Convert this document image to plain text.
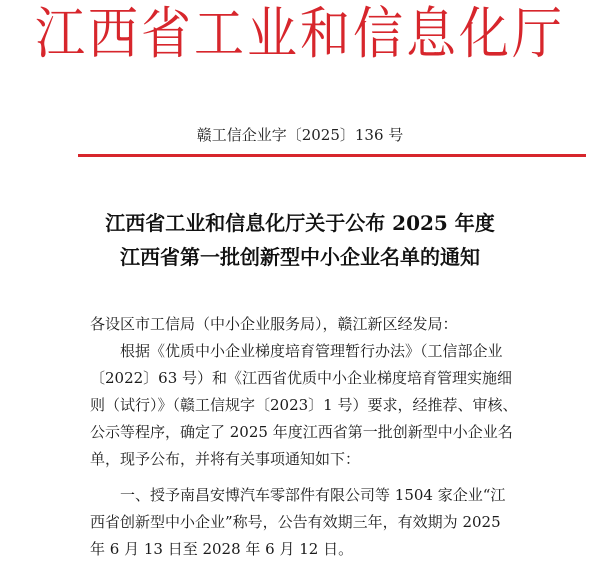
江西省工业和信息化厅
赣工信企业字〔2025〕136 号
江西省工业和信息化厅关于公布 2025 年度
江西省第一批创新型中小企业名单的通知
各设区市工信局（中小企业服务局），赣江新区经发局：
　　根据《优质中小企业梯度培育管理暂行办法》（工信部企业
〔2022〕63 号）和《江西省优质中小企业梯度培育管理实施细
则（试行）》（赣工信规字〔2023〕1 号）要求，经推荐、审核、
公示等程序，确定了 2025 年度江西省第一批创新型中小企业名
单，现予公布，并将有关事项通知如下：
　　一、授予南昌安博汽车零部件有限公司等 1504 家企业“江
西省创新型中小企业”称号，公告有效期三年，有效期为 2025
年 6 月 13 日至 2028 年 6 月 12 日。
